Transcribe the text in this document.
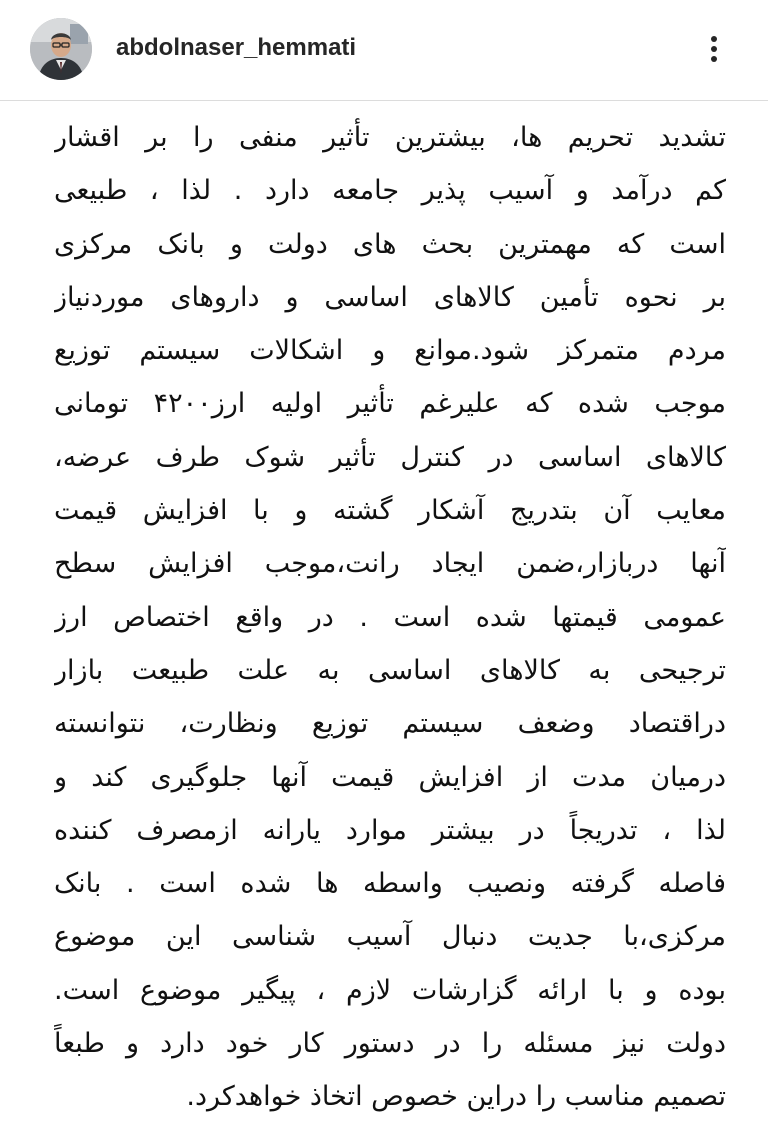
abdolnaser_hemmati
تشدید تحریم ها، بیشترین تأثیر منفی را بر اقشار
کم درآمد و آسیب پذیر جامعه دارد . لذا ، طبیعی
است که مهمترین بحث های دولت و بانک مرکزی
بر نحوه تأمین کالاهای اساسی و داروهای موردنیاز
مردم متمرکز شود.موانع و اشکالات سیستم توزیع
موجب شده که علیرغم تأثیر اولیه ارز۴۲۰۰ تومانی
کالاهای اساسی در کنترل تأثیر شوک طرف عرضه،
معایب آن بتدریج آشکار گشته و با افزایش قیمت
آنها دربازار،ضمن ایجاد رانت،موجب افزایش سطح
عمومی قیمتها شده است . در واقع اختصاص ارز
ترجیحی به کالاهای اساسی به علت طبیعت بازار
دراقتصاد وضعف سیستم توزیع ونظارت، نتوانسته
درمیان مدت از افزایش قیمت آنها جلوگیری کند و
لذا ، تدریجاً در بیشتر موارد یارانه ازمصرف کننده
فاصله گرفته ونصیب واسطه ها شده است . بانک
مرکزی،با جدیت دنبال آسیب شناسی این موضوع
بوده و با ارائه گزارشات لازم ، پیگیر موضوع است.
دولت نیز مسئله را در دستور کار خود دارد و طبعاً
تصمیم مناسب را دراین خصوص اتخاذ خواهدکرد.
